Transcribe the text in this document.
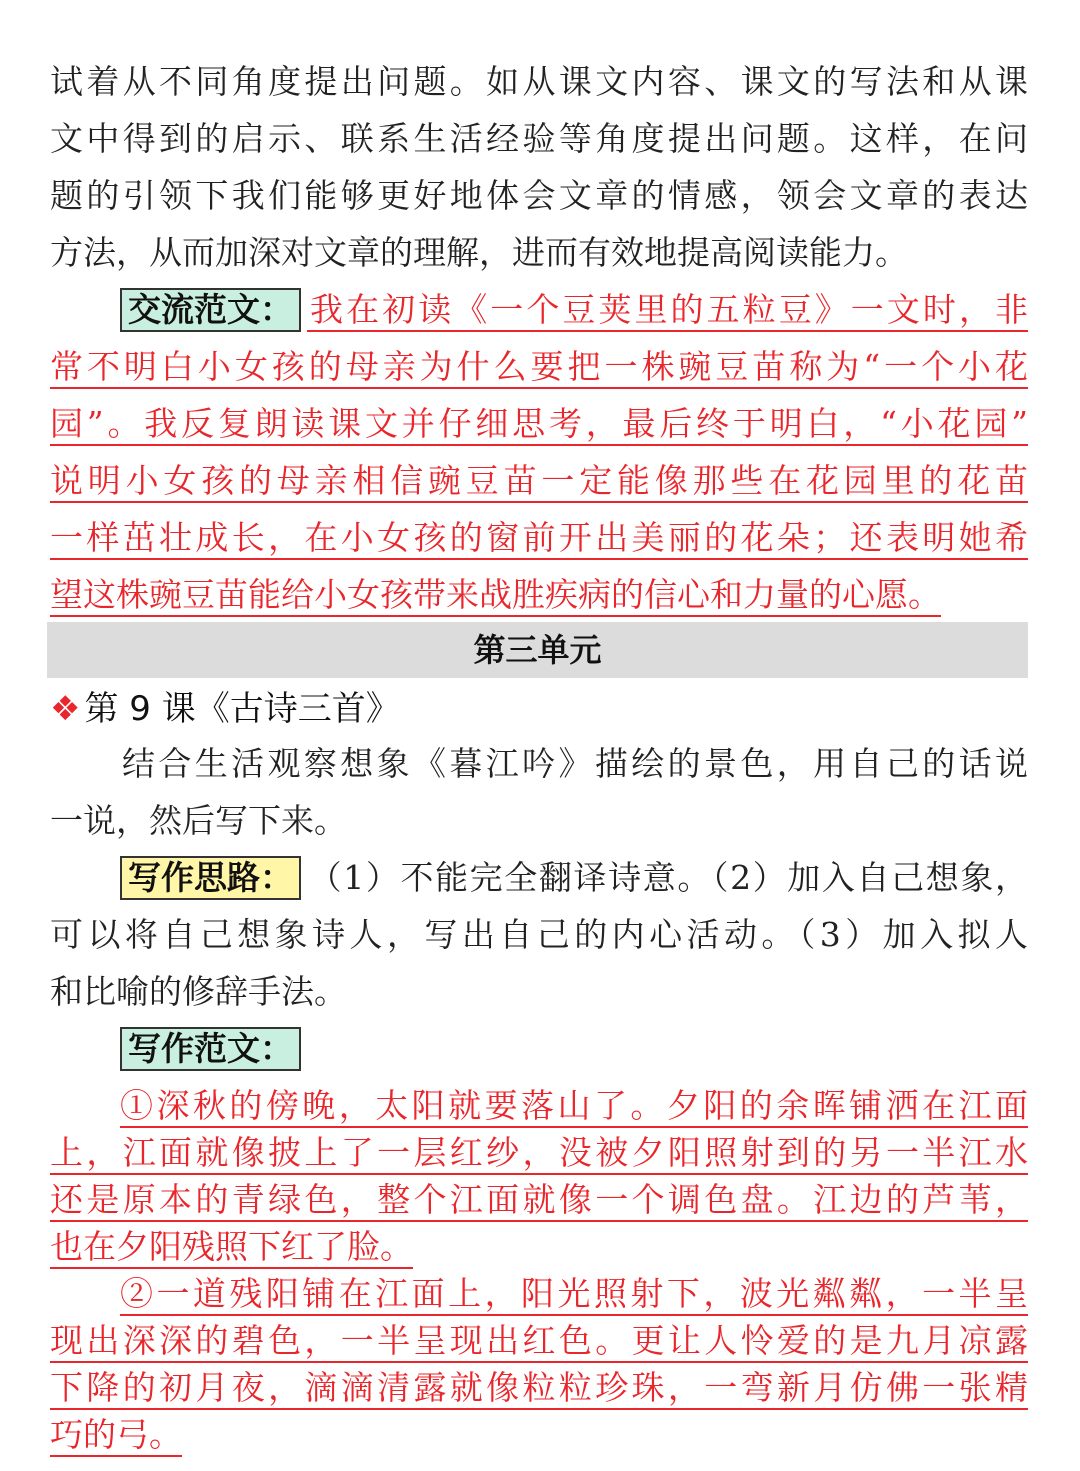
试着从不同角度提出问题。如从课文内容、课文的写法和从课
文中得到的启示、联系生活经验等角度提出问题。这样，在问
题的引领下我们能够更好地体会文章的情感，领会文章的表达
方法，从而加深对文章的理解，进而有效地提高阅读能力。
交流范文： 我在初读《一个豆荚里的五粒豆》一文时，非
常不明白小女孩的母亲为什么要把一株豌豆苗称为“一个小花
园”。我反复朗读课文并仔细思考，最后终于明白，“小花园”
说明小女孩的母亲相信豌豆苗一定能像那些在花园里的花苗
一样茁壮成长，在小女孩的窗前开出美丽的花朵；还表明她希
望这株豌豆苗能给小女孩带来战胜疾病的信心和力量的心愿。
第三单元
❖ 第 9 课《古诗三首》
结合生活观察想象《暮江吟》描绘的景色，用自己的话说
一说，然后写下来。
写作思路： （1）不能完全翻译诗意。（2）加入自己想象，
可以将自己想象诗人，写出自己的内心活动。（3）加入拟人
和比喻的修辞手法。
写作范文：
①深秋的傍晚，太阳就要落山了。夕阳的余晖铺洒在江面
上，江面就像披上了一层红纱，没被夕阳照射到的另一半江水
还是原本的青绿色，整个江面就像一个调色盘。江边的芦苇，
也在夕阳残照下红了脸。
②一道残阳铺在江面上，阳光照射下，波光粼粼，一半呈
现出深深的碧色，一半呈现出红色。更让人怜爱的是九月凉露
下降的初月夜，滴滴清露就像粒粒珍珠，一弯新月仿佛一张精
巧的弓。
